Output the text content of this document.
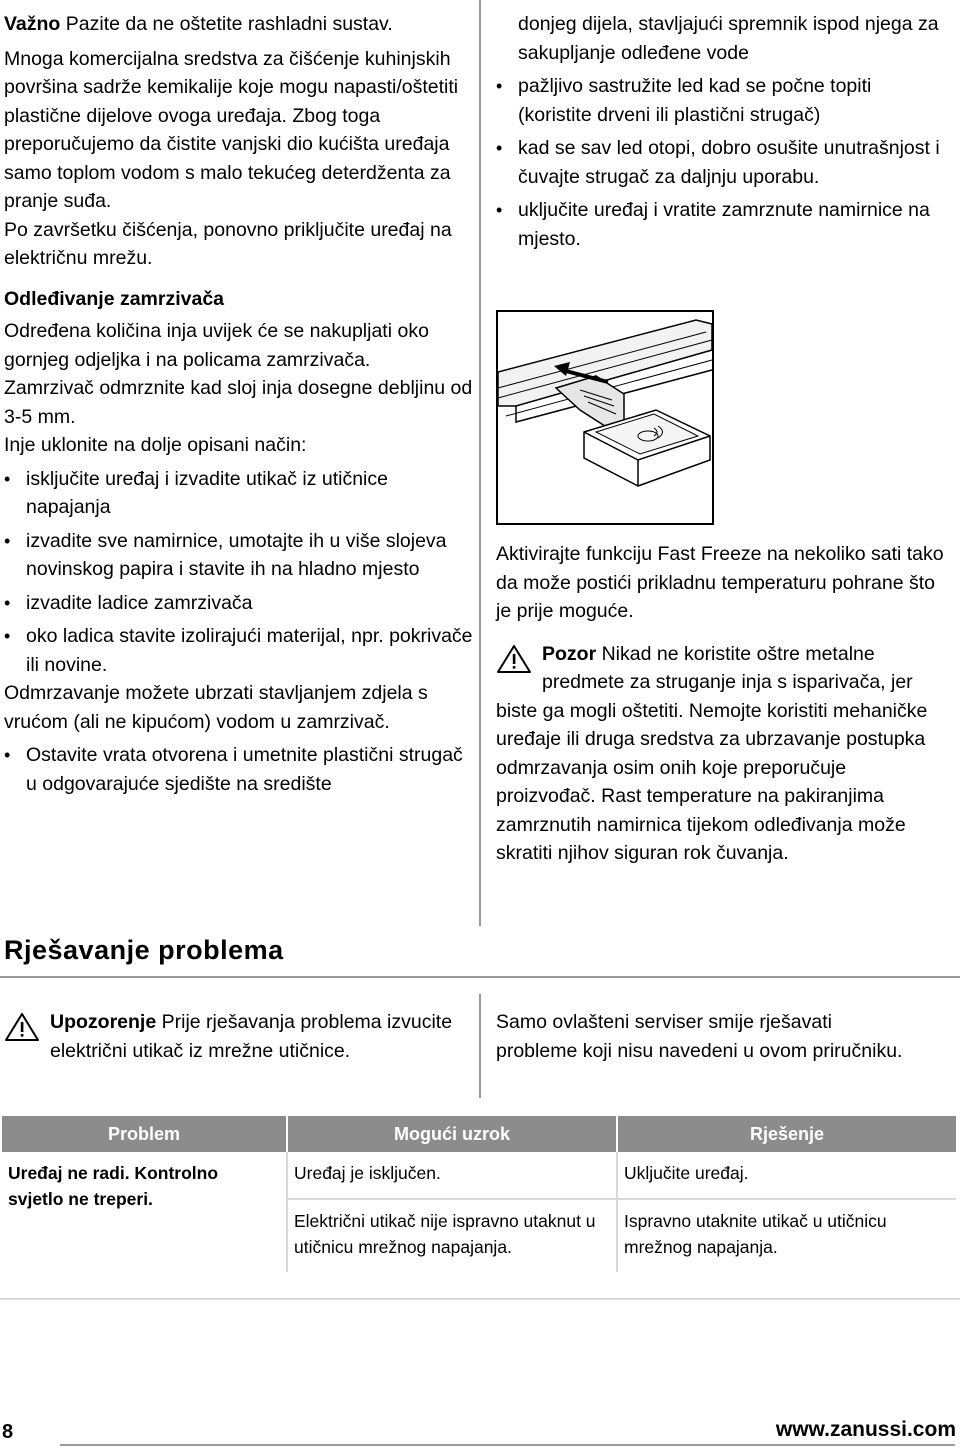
Važno Pazite da ne oštetite rashladni sustav.

Mnoga komercijalna sredstva za čišćenje kuhinjskih površina sadrže kemikalije koje mogu napasti/oštetiti plastične dijelove ovoga uređaja. Zbog toga preporučujemo da čistite vanjski dio kućišta uređaja samo toplom vodom s malo tekućeg deterdženta za pranje suđa.

Po završetku čišćenja, ponovno priključite uređaj na električnu mrežu.

Odleđivanje zamrzivača

Određena količina inja uvijek će se nakupljati oko gornjeg odjeljka i na policama zamrzivača.

Zamrzivač odmrznite kad sloj inja dosegne debljinu od 3-5 mm.

Inje uklonite na dolje opisani način:

• isključite uređaj i izvadite utikač iz utičnice napajanja
• izvadite sve namirnice, umotajte ih u više slojeva novinskog papira i stavite ih na hladno mjesto
• izvadite ladice zamrzivača
• oko ladica stavite izolirajući materijal, npr. pokrivače ili novine.

Odmrzavanje možete ubrzati stavljanjem zdjela s vrućom (ali ne kipućom) vodom u zamrzivač.

• Ostavite vrata otvorena i umetnite plastični strugač u odgovarajuće sjedište na središte

donjeg dijela, stavljajući spremnik ispod njega za sakupljanje odleđene vode

• pažljivo sastružite led kad se počne topiti (koristite drveni ili plastični strugač)
• kad se sav led otopi, dobro osušite unutrašnjost i čuvajte strugač za daljnju uporabu.
• uključite uređaj i vratite zamrznute namirnice na mjesto.

Aktivirajte funkciju Fast Freeze na nekoliko sati tako da može postići prikladnu temperaturu pohrane što je prije moguće.

Pozor Nikad ne koristite oštre metalne predmete za struganje inja s isparivača, jer biste ga mogli oštetiti. Nemojte koristiti mehaničke uređaje ili druga sredstva za ubrzavanje postupka odmrzavanja osim onih koje preporučuje proizvođač. Rast temperature na pakiranjima zamrznutih namirnica tijekom odleđivanja može skratiti njihov siguran rok čuvanja.

Rješavanje problema

Upozorenje Prije rješavanja problema izvucite električni utikač iz mrežne utičnice.

Samo ovlašteni serviser smije rješavati probleme koji nisu navedeni u ovom priručniku.

Problem	Mogući uzrok	Rješenje
Uređaj ne radi. Kontrolno svjetlo ne treperi.	Uređaj je isključen.	Uključite uređaj.
	Električni utikač nije ispravno utaknut u utičnicu mrežnog napajanja.	Ispravno utaknite utikač u utičnicu mrežnog napajanja.
8	www.zanussi.com
